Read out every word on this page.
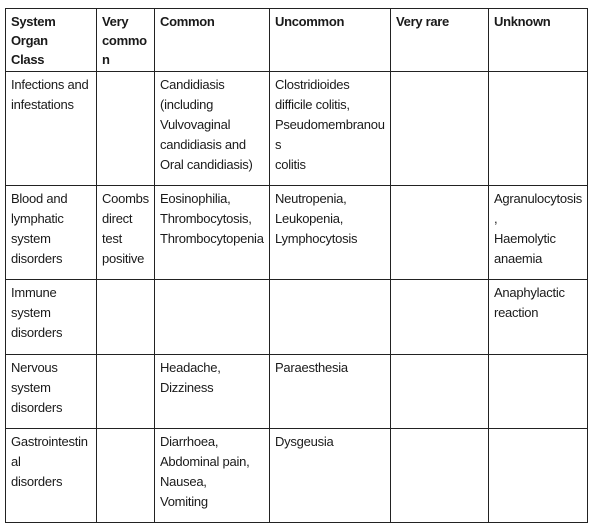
System Organ
Class	Very
common	Common	Uncommon	Very rare	Unknown

Infections and
infestations		Candidiasis
(including
Vulvovaginal
candidiasis and
Oral candidiasis)	Clostridioides
difficile colitis,
Pseudomembranous
colitis		

Blood and
lymphatic
system
disorders	Coombs
direct
test
positive	Eosinophilia,
Thrombocytosis,
Thrombocytopenia	Neutropenia,
Leukopenia,
Lymphocytosis		Agranulocytosis,
Haemolytic
anaemia

Immune
system
disorders					Anaphylactic
reaction

Nervous
system
disorders		Headache,
Dizziness	Paraesthesia		

Gastrointestinal
disorders		Diarrhoea,
Abdominal pain,
Nausea,
Vomiting	Dysgeusia		
